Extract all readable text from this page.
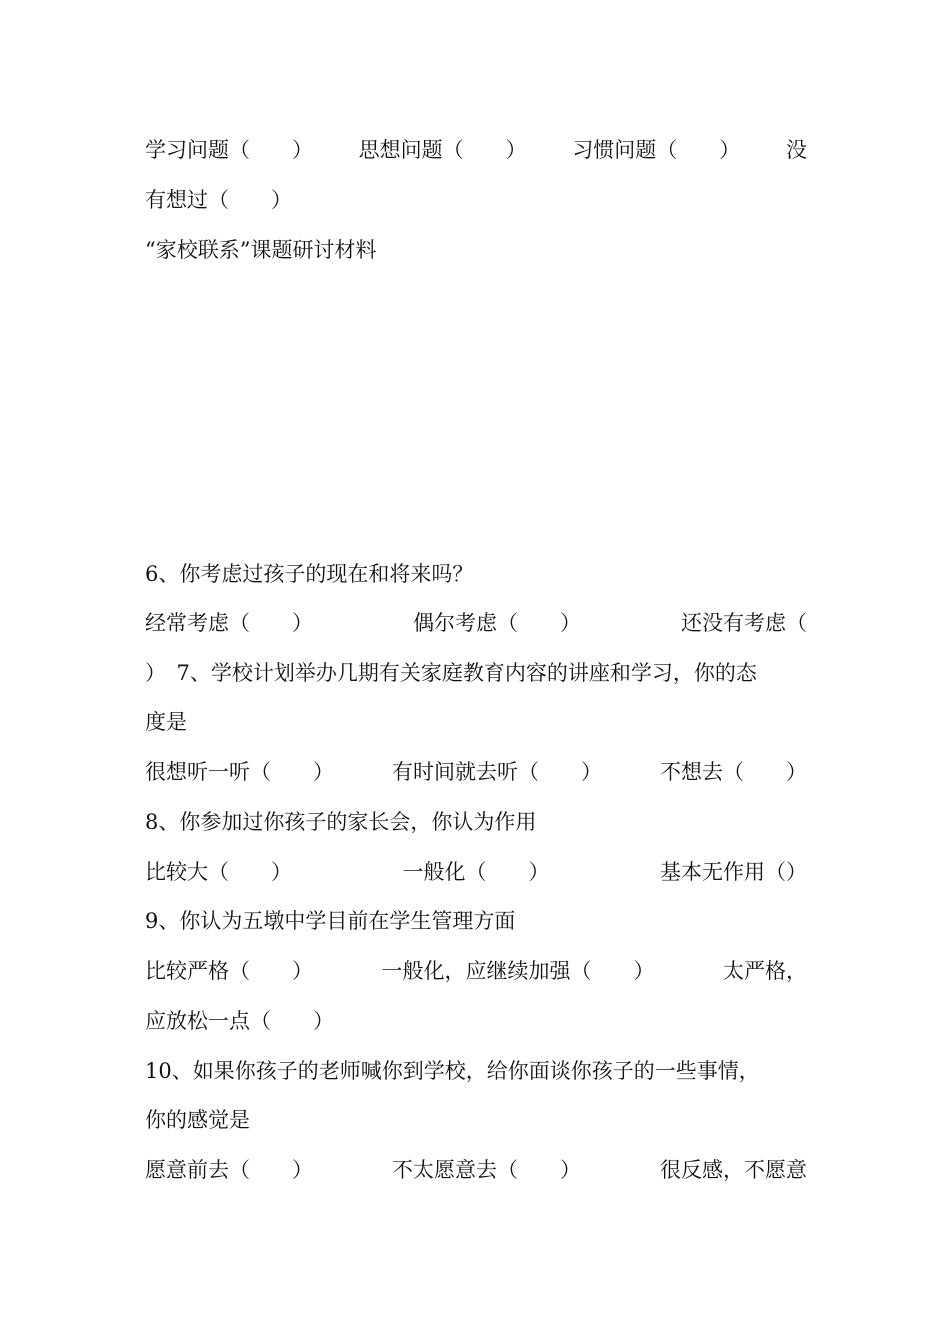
学习问题（　　） 思想问题（　　） 习惯问题（　　） 没
有想过（　　）
“家校联系”课题研讨材料
6、你考虑过孩子的现在和将来吗？
经常考虑（　　）	偶尔考虑（　　）	还没有考虑（
）　7、学校计划举办几期有关家庭教育内容的讲座和学习，你的态
度是
很想听一听（　　）	有时间就去听（　　）	不想去（　　）
8、你参加过你孩子的家长会，你认为作用
比较大（　　）	一般化（　　）	基本无作用（）
9、你认为五墩中学目前在学生管理方面
比较严格（　　）	一般化，应继续加强（　　）	太严格，
应放松一点（　　）
10、如果你孩子的老师喊你到学校，给你面谈你孩子的一些事情，
你的感觉是
愿意前去（　　）	不太愿意去（　　）	很反感，不愿意
